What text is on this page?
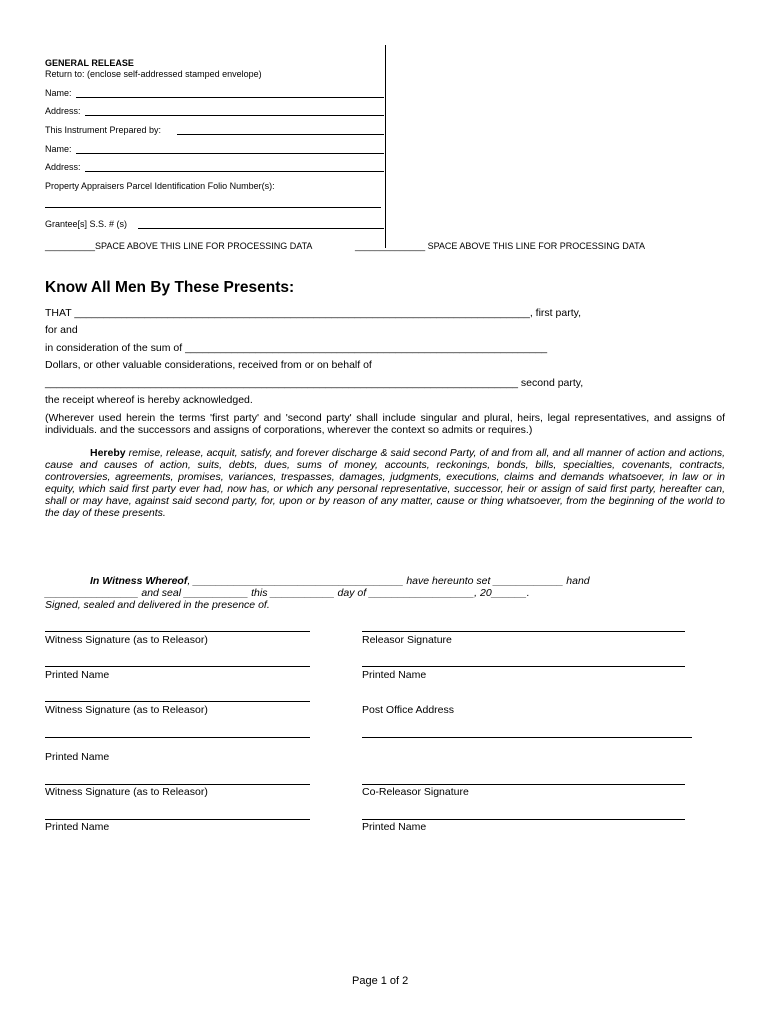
GENERAL RELEASE
Return to: (enclose self-addressed stamped envelope)
Name:
Address:
This Instrument Prepared by:
Name:
Address:
Property Appraisers Parcel Identification Folio Number(s):
Grantee[s] S.S. # (s)
__________SPACE ABOVE THIS LINE FOR PROCESSING DATA	______________ SPACE ABOVE THIS LINE FOR PROCESSING DATA
Know All Men By These Presents:
THAT ______________________________________________________________________________, first party,
for and
in consideration of the sum of ______________________________________________________________
Dollars, or other valuable considerations, received from or on behalf of
_________________________________________________________________________________ second party,
the receipt whereof is hereby acknowledged.
(Wherever used herein the terms 'first party' and 'second party' shall include singular and plural, heirs, legal representatives, and assigns of individuals. and the successors and assigns of corporations, wherever the context so admits or requires.)
Hereby remise, release, acquit, satisfy, and forever discharge & said second Party, of and from all, and all manner of action and actions, cause and causes of action, suits, debts, dues, sums of money, accounts, reckonings, bonds, bills, specialties, covenants, contracts, controversies, agreements, promises, variances, trespasses, damages, judgments, executions, claims and demands whatsoever, in law or in equity, which said first party ever had, now has, or which any personal representative, successor, heir or assign of said first party, hereafter can, shall or may have, against said second party, for, upon or by reason of any matter, cause or thing whatsoever, from the beginning of the world to the day of these presents.
In Witness Whereof, ____________________________________ have hereunto set ____________ hand
________________ and seal ___________ this ___________ day of __________________, 20______.
Signed, sealed and delivered in the presence of.
Witness Signature (as to Releasor)
Printed Name
Witness Signature (as to Releasor)
Printed Name
Witness Signature (as to Releasor)
Printed Name
Releasor Signature
Printed Name
Post Office Address
Co-Releasor Signature
Printed Name
Page 1 of 2
